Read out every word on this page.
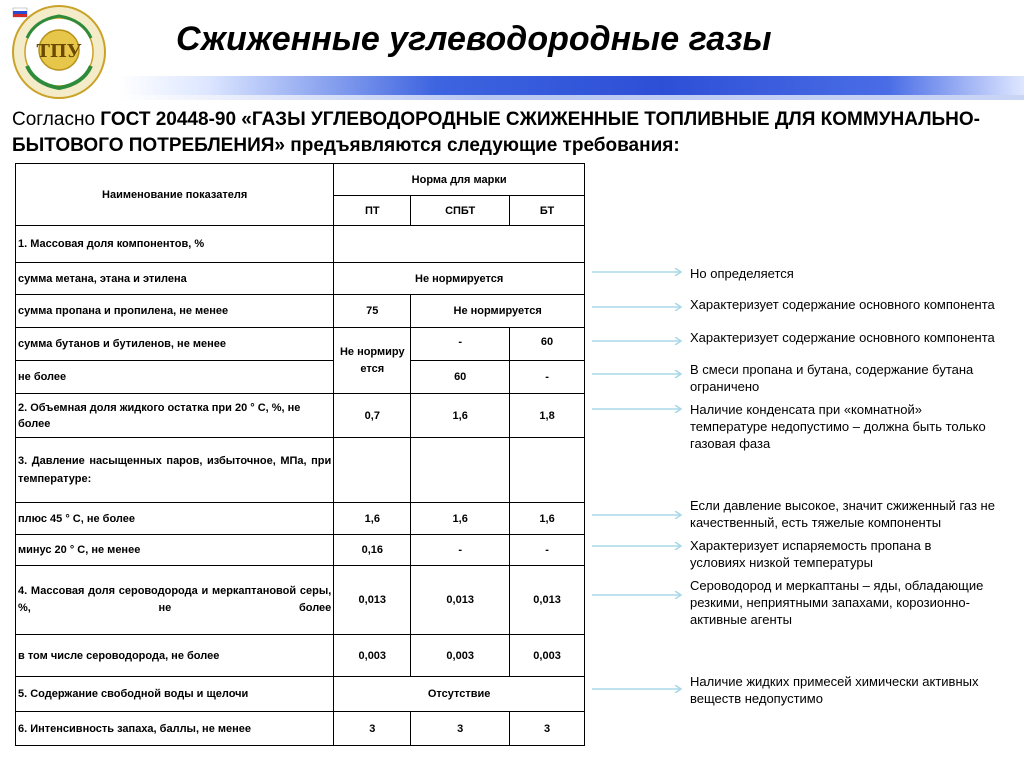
ТПУ	Сжиженные углеводородные газы
Согласно ГОСТ 20448-90 «ГАЗЫ УГЛЕВОДОРОДНЫЕ СЖИЖЕННЫЕ ТОПЛИВНЫЕ ДЛЯ КОММУНАЛЬНО-БЫТОВОГО ПОТРЕБЛЕНИЯ» предъявляются следующие требования:
Наименование показателя	Норма для марки		
	ПТ	СПБТ	БТ
1. Массовая доля компонентов, %			
сумма метана, этана и этилена	Не нормируется		
сумма пропана и пропилена, не менее	75	Не нормируется	
сумма бутанов и бутиленов, не менее	Не нормируется	-	60
не более		60	-
2. Объемная доля жидкого остатка при 20 ° С, %, не более	0,7	1,6	1,8
3. Давление насыщенных паров, избыточное, МПа, при температуре:			
плюс 45 ° С, не более	1,6	1,6	1,6
минус 20 ° С, не менее	0,16	-	-
4. Массовая доля сероводорода и меркаптановой серы, %, не более	0,013	0,013	0,013
в том числе сероводорода, не более	0,003	0,003	0,003
5. Содержание свободной воды и щелочи	Отсутствие		
6. Интенсивность запаха, баллы, не менее	3	3	3
Но определяется
Характеризует содержание основного компонента
Характеризует содержание основного компонента
В смеси пропана и бутана, содержание бутана ограничено
Наличие конденсата при «комнатной» температуре недопустимо – должна быть только газовая фаза
Если давление высокое, значит сжиженный газ не качественный, есть тяжелые компоненты
Характеризует испаряемость пропана в условиях низкой температуры
Сероводород и меркаптаны – яды, обладающие резкими, неприятными запахами, корозионно-активные агенты
Наличие жидких примесей химически активных веществ недопустимо
